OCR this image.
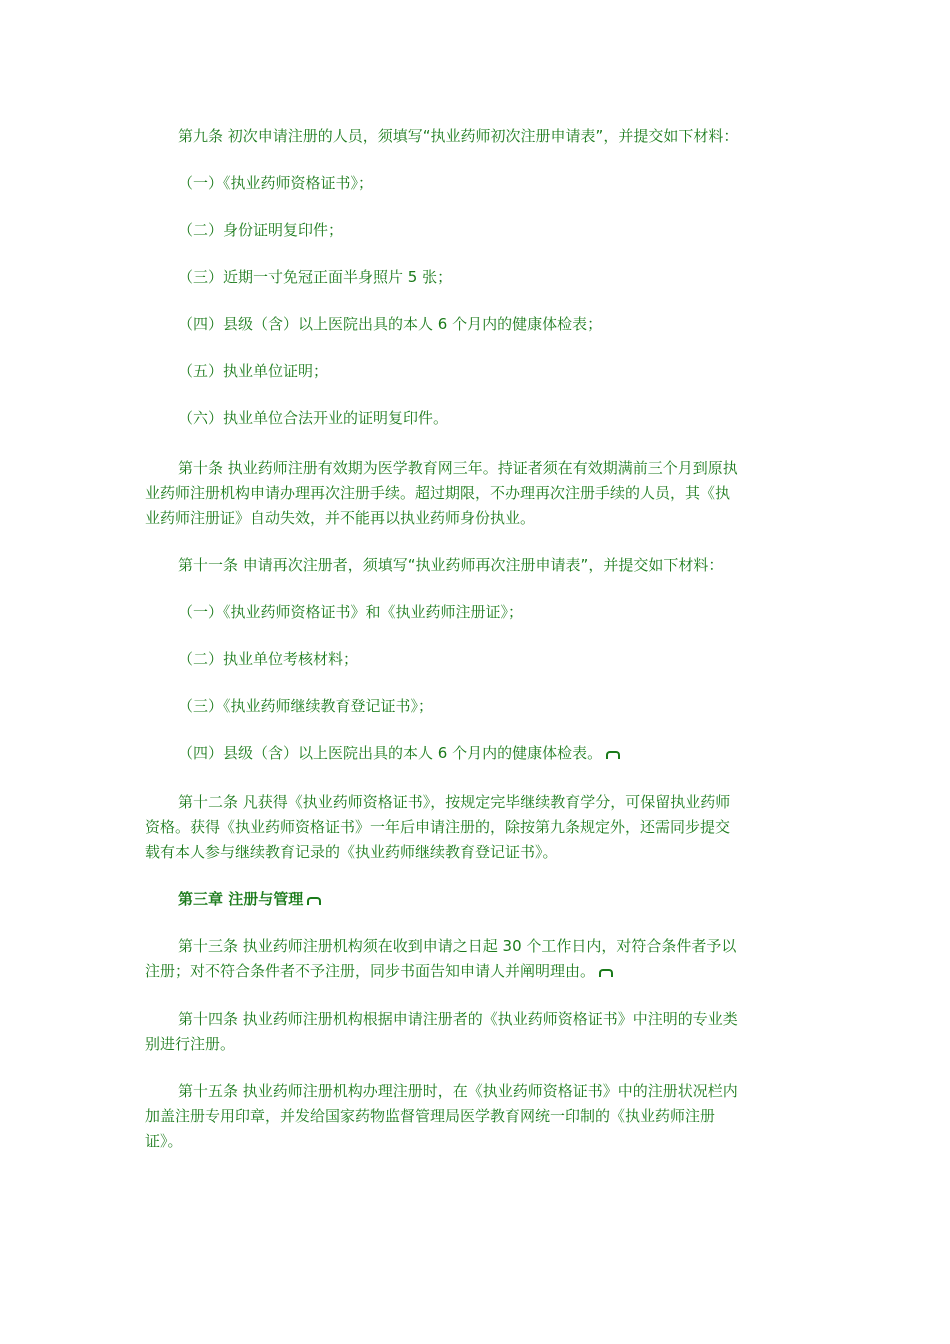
第九条 初次申请注册的人员，须填写“执业药师初次注册申请表”，并提交如下材料：
（一）《执业药师资格证书》；
（二）身份证明复印件；
（三）近期一寸免冠正面半身照片 5 张；
（四）县级（含）以上医院出具的本人 6 个月内的健康体检表；
（五）执业单位证明；
（六）执业单位合法开业的证明复印件。
第十条 执业药师注册有效期为医学教育网三年。持证者须在有效期满前三个月到原执
业药师注册机构申请办理再次注册手续。超过期限，不办理再次注册手续的人员，其《执
业药师注册证》自动失效，并不能再以执业药师身份执业。
第十一条 申请再次注册者，须填写“执业药师再次注册申请表”，并提交如下材料：
（一）《执业药师资格证书》和《执业药师注册证》；
（二）执业单位考核材料；
（三）《执业药师继续教育登记证书》；
（四）县级（含）以上医院出具的本人 6 个月内的健康体检表。
第十二条 凡获得《执业药师资格证书》，按规定完毕继续教育学分，可保留执业药师
资格。获得《执业药师资格证书》一年后申请注册的，除按第九条规定外，还需同步提交
载有本人参与继续教育记录的《执业药师继续教育登记证书》。
第三章 注册与管理
第十三条 执业药师注册机构须在收到申请之日起 30 个工作日内，对符合条件者予以
注册；对不符合条件者不予注册，同步书面告知申请人并阐明理由。
第十四条 执业药师注册机构根据申请注册者的《执业药师资格证书》中注明的专业类
别进行注册。
第十五条 执业药师注册机构办理注册时，在《执业药师资格证书》中的注册状况栏内
加盖注册专用印章，并发给国家药物监督管理局医学教育网统一印制的《执业药师注册
证》。
